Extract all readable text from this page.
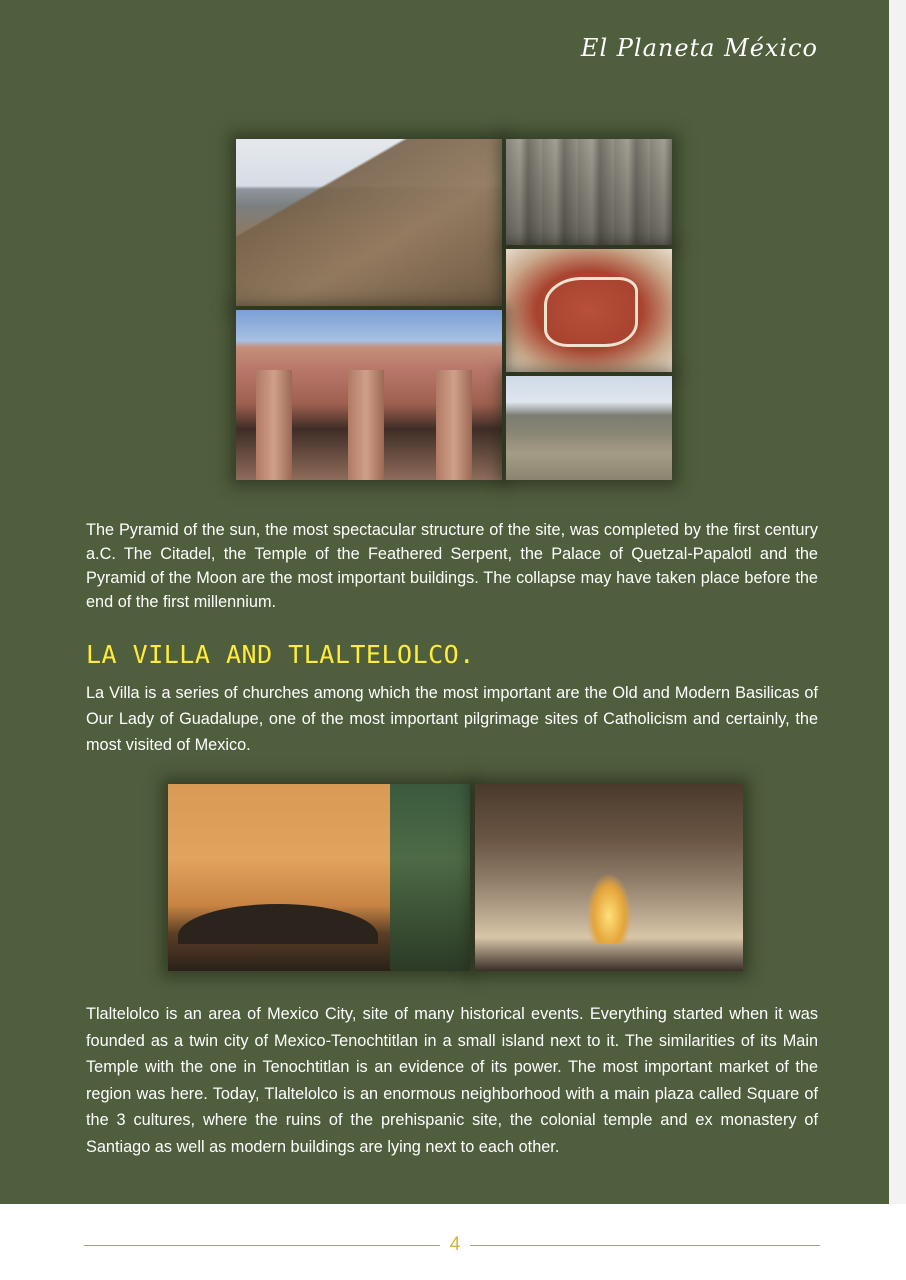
El Planeta México

The Pyramid of the sun, the most spectacular structure of the site, was completed by the first century a.C. The Citadel, the Temple of the Feathered Serpent, the Palace of Quetzal-Papalotl and the Pyramid of the Moon are the most important buildings. The collapse may have taken place before the end of the first millennium.

LA VILLA AND TLALTELOLCO.

La Villa is a series of churches among which the most important are the Old and Modern Basilicas of Our Lady of Guadalupe, one of the most important pilgrimage sites of Catholicism and certainly, the most visited of Mexico.

Tlaltelolco is an area of Mexico City, site of many historical events. Everything started when it was founded as a twin city of Mexico-Tenochtitlan in a small island next to it. The similarities of its Main Temple with the one in Tenochtitlan is an evidence of its power. The most important market of the region was here. Today, Tlaltelolco is an enormous neighborhood with a main plaza called Square of the 3 cultures, where the ruins of the prehispanic site, the colonial temple and ex monastery of Santiago as well as modern buildings are lying next to each other.

4
